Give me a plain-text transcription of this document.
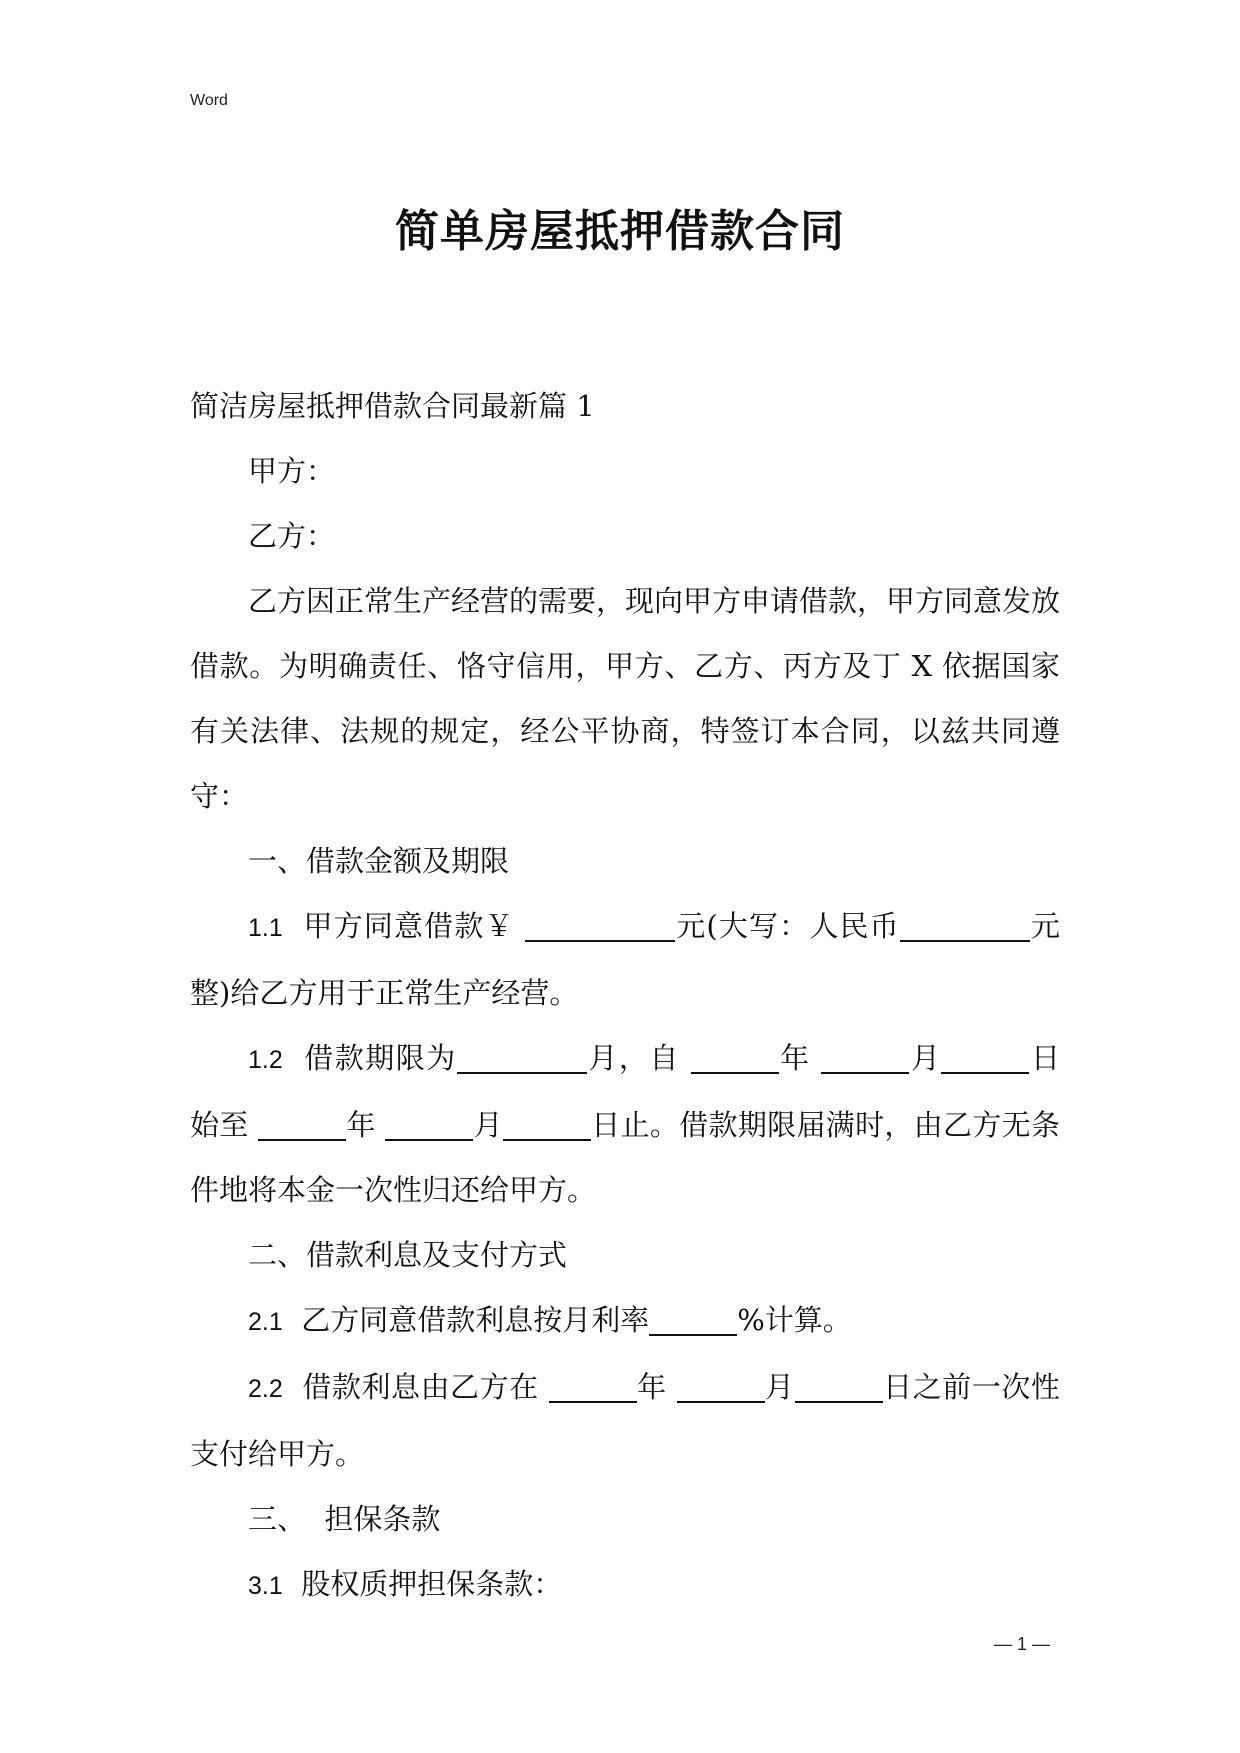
Word
简单房屋抵押借款合同

简洁房屋抵押借款合同最新篇 1

甲方：

乙方：

乙方因正常生产经营的需要，现向甲方申请借款，甲方同意发放借款。为明确责任、恪守信用，甲方、乙方、丙方及丁 X 依据国家有关法律、法规的规定，经公平协商，特签订本合同，以兹共同遵守：

一、借款金额及期限

1.1 甲方同意借款￥	元(大写：人民币	元整)给乙方用于正常生产经营。

1.2 借款期限为	月，自	年	月	日始至	年	月	日止。借款期限届满时，由乙方无条件地将本金一次性归还给甲方。

二、借款利息及支付方式

2.1 乙方同意借款利息按月利率	%计算。

2.2 借款利息由乙方在	年	月	日之前一次性支付给甲方。

三、  担保条款

3.1 股权质押担保条款：

— 1 —
